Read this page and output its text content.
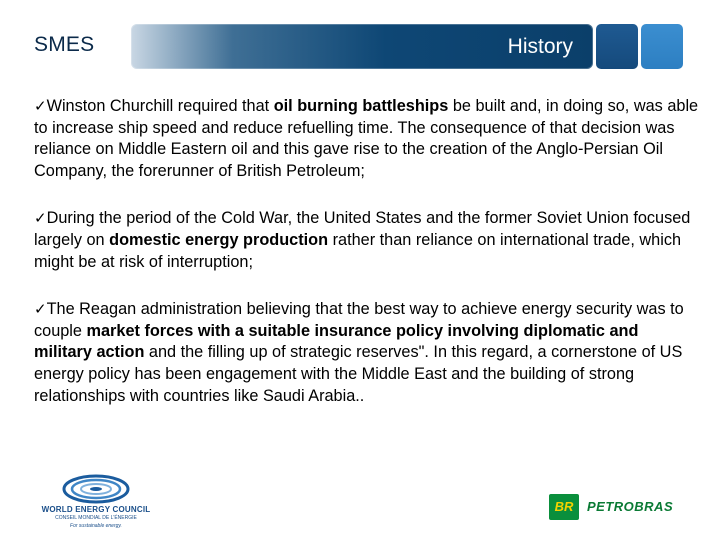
SMES	History

✓Winston Churchill required that oil burning battleships be built and, in doing so, was able to increase ship speed and reduce refuelling time. The consequence of that decision was reliance on Middle Eastern oil and this gave rise to the creation of the Anglo-Persian Oil Company, the forerunner of British Petroleum;

✓During the period of the Cold War, the United States and the former Soviet Union focused largely on domestic energy production rather than reliance on international trade, which might be at risk of interruption;

✓The Reagan administration believing that the best way to achieve energy security was to couple market forces with a suitable insurance policy involving diplomatic and military action and the filling up of strategic reserves". In this regard, a cornerstone of US energy policy has been engagement with the Middle East and the building of strong relationships with countries like Saudi Arabia..

WORLD ENERGY COUNCIL
CONSEIL MONDIAL DE L'ÉNERGIE
For sustainable energy.
BR	PETROBRAS
